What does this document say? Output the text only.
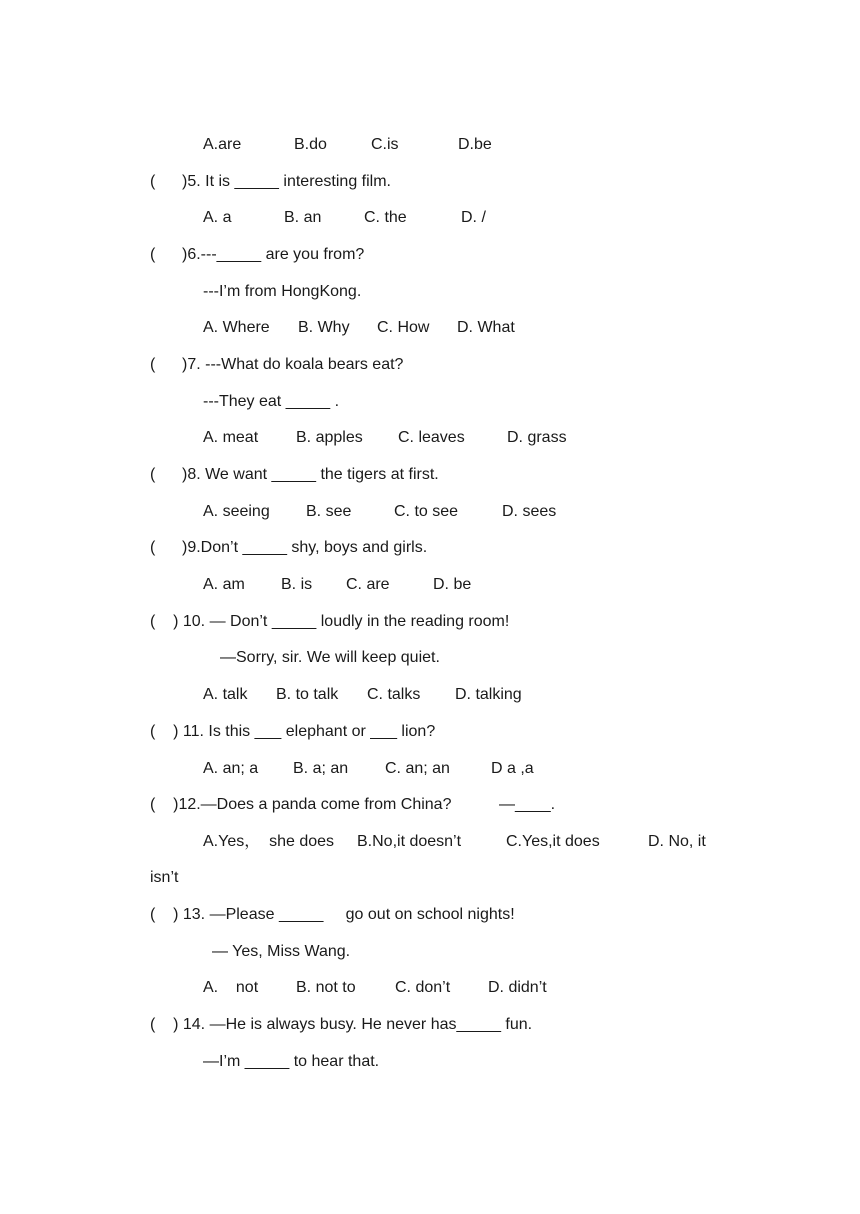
A.are	B.do	C.is	D.be
(      )5. It is _____ interesting film.
A. a	B. an	C. the	D. /
(      )6.---_____ are you from?
---I’m from HongKong.
A. Where B. Why C. How D. What
(      )7. ---What do koala bears eat?
---They eat _____ .
A. meat B. apples C. leaves	D. grass
(      )8. We want _____ the tigers at first.
A. seeing B. see	C. to see	D. sees
(      )9.Don’t _____ shy, boys and girls.
A. am B. is C. are	D. be
(    ) 10. — Don’t _____ loudly in the reading room!
—Sorry, sir. We will keep quiet.
A. talk B. to talk C. talks D. talking
(    ) 11. Is this ___ elephant or ___ lion?
A. an; a B. a; an C. an; an	D a ,a
(    )12.—Does a panda come from China?	—____.
A.Yes，  she does B.No,it doesn’t	C.Yes,it does	D. No, it
isn’t
(    ) 13. —Please _____     go out on school nights!
— Yes, Miss Wang.
A.    not B. not to C. don’t D. didn’t
(    ) 14. —He is always busy. He never has_____ fun.
—I’m _____ to hear that.
